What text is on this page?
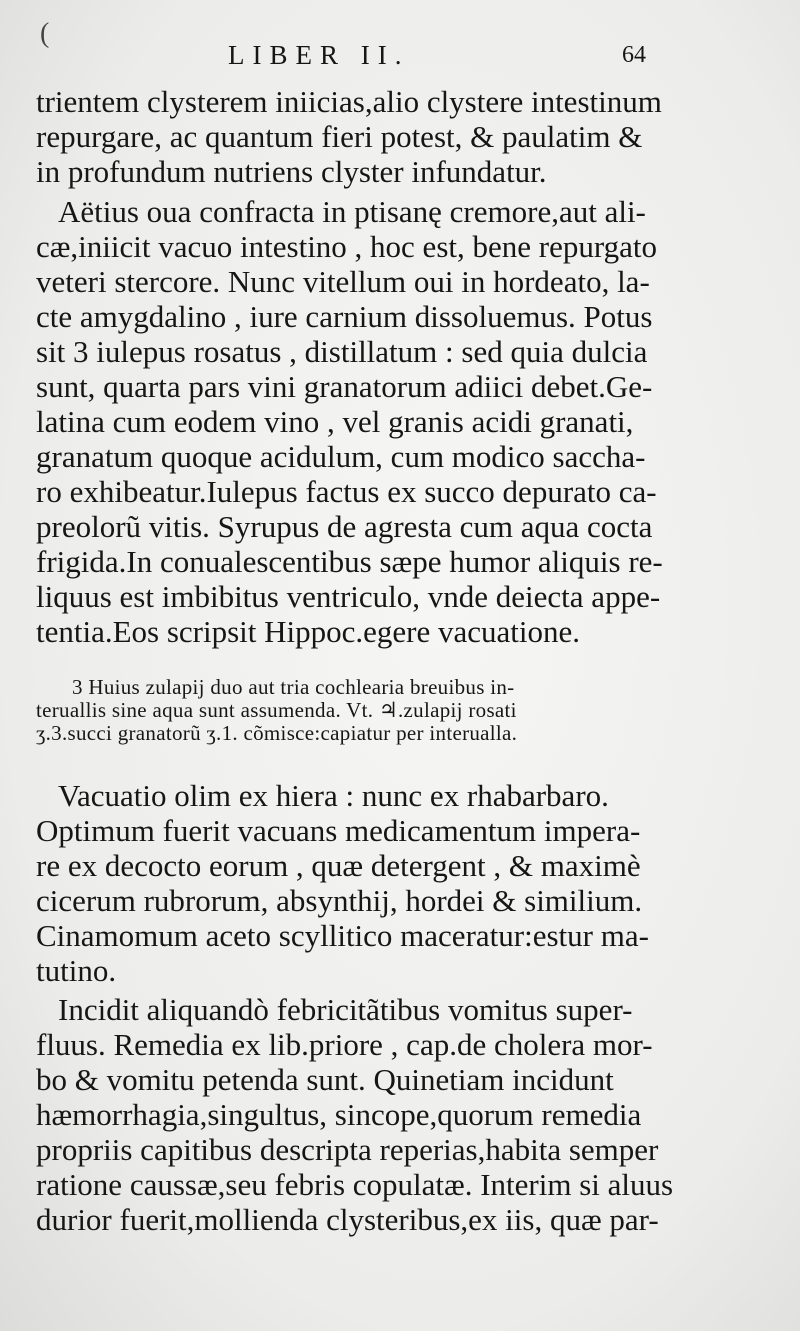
LIBER II.	64
(
trientem clysterem iniicias,alio clystere intestinum
repurgare, ac quantum fieri potest, & paulatim &
in profundum nutriens clyster infundatur.
Aëtius oua confracta in ptisanę cremore,aut ali-
cæ,iniicit vacuo intestino , hoc est, bene repurgato
veteri stercore. Nunc vitellum oui in hordeato, la-
cte amygdalino , iure carnium dissoluemus. Potus
sit 3 iulepus rosatus , distillatum : sed quia dulcia
sunt, quarta pars vini granatorum adiici debet.Ge-
latina cum eodem vino , vel granis acidi granati,
granatum quoque acidulum, cum modico sacchа-
ro exhibeatur.Iulepus factus ex succo depurato ca-
preolorũ vitis. Syrupus de agresta cum aqua cocta
frigida.In conualescentibus sæpe humor aliquis re-
liquus est imbibitus ventriculo, vnde deiecta appe-
tentia.Eos scripsit Hippoc.egere vacuatione.
3 Huius zulapij duo aut tria cochlearia breuibus in-
teruallis sine aqua sunt assumenda. Vt. ♃.zulapij rosati
ʒ.3.succi granatorũ ʒ.1. cõmisce:capiatur per interualla.
Vacuatio olim ex hiera : nunc ex rhabarbaro.
Optimum fuerit vacuans medicamentum impera-
re ex decocto eorum , quæ detergent , & maximè
cicerum rubrorum, absynthij, hordei & similium.
Cinamomum aceto scyllitico maceratur:estur ma-
tutino.
Incidit aliquandò febricitãtibus vomitus super-
fluus. Remedia ex lib.priore , cap.de cholera mor-
bo & vomitu petenda sunt. Quinetiam incidunt
hæmorrhagia,singultus, sincope,quorum remedia
propriis capitibus descripta reperias,habita semper
ratione caussæ,seu febris copulatæ. Interim si aluus
durior fuerit,mollienda clysteribus,ex iis, quæ par-
